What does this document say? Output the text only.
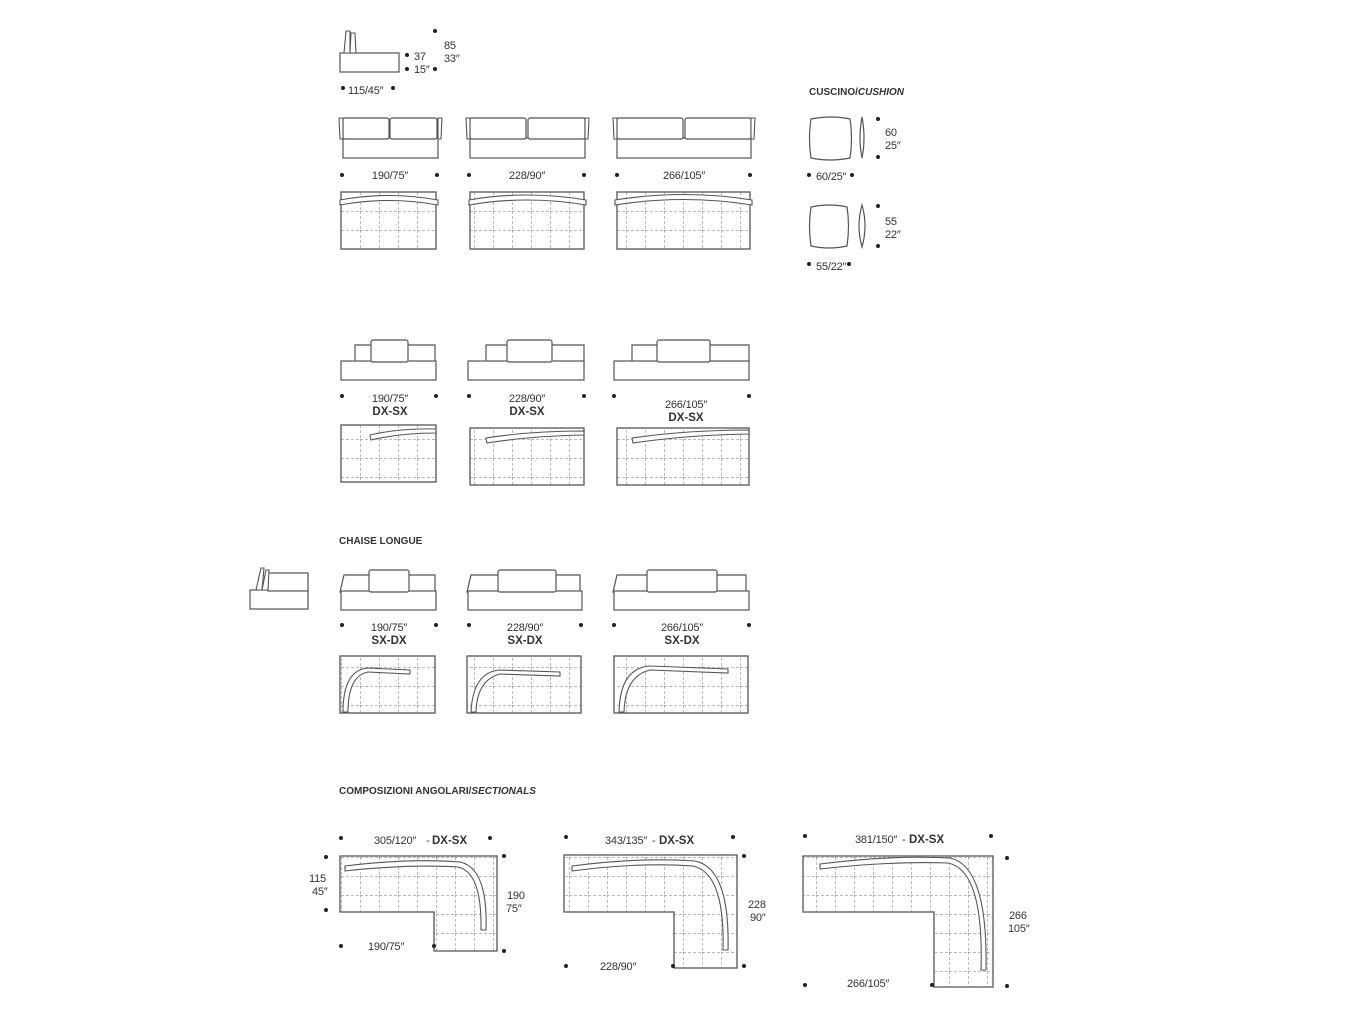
37
15″
85
33″
115/45″
190/75″	228/90″	266/105″
CUSCINO/CUSHION
60
25″
60/25″
55
22″
55/22″
190/75″
DX-SX
228/90″
DX-SX
266/105″
DX-SX
CHAISE LONGUE
190/75″
SX-DX
228/90″
SX-DX
266/105″
SX-DX
COMPOSIZIONI ANGOLARI/SECTIONALS
305/120″ - DX-SX
115
45″	190
75″
190/75″
343/135″ - DX-SX
228
90″
228/90″
381/150″ - DX-SX
266
105″
266/105″
